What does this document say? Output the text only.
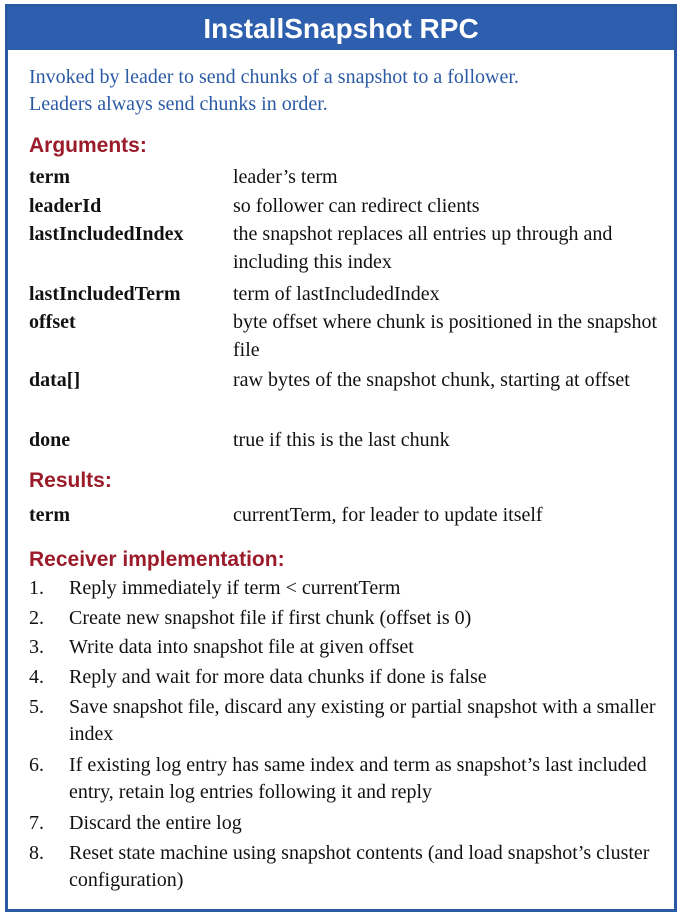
InstallSnapshot RPC
Invoked by leader to send chunks of a snapshot to a follower.
Leaders always send chunks in order.
Arguments:
term	leader’s term
leaderId	so follower can redirect clients
lastIncludedIndex the snapshot replaces all entries up through and including this index
lastIncludedTerm	term of lastIncludedIndex
offset	byte offset where chunk is positioned in the snapshot file
data[]	raw bytes of the snapshot chunk, starting at offset
done	true if this is the last chunk
Results:
term	currentTerm, for leader to update itself
Receiver implementation:
1. Reply immediately if term < currentTerm
2. Create new snapshot file if first chunk (offset is 0)
3. Write data into snapshot file at given offset
4. Reply and wait for more data chunks if done is false
5. Save snapshot file, discard any existing or partial snapshot with a smaller index
6. If existing log entry has same index and term as snapshot’s last included entry, retain log entries following it and reply
7. Discard the entire log
8. Reset state machine using snapshot contents (and load snapshot’s cluster configuration)
